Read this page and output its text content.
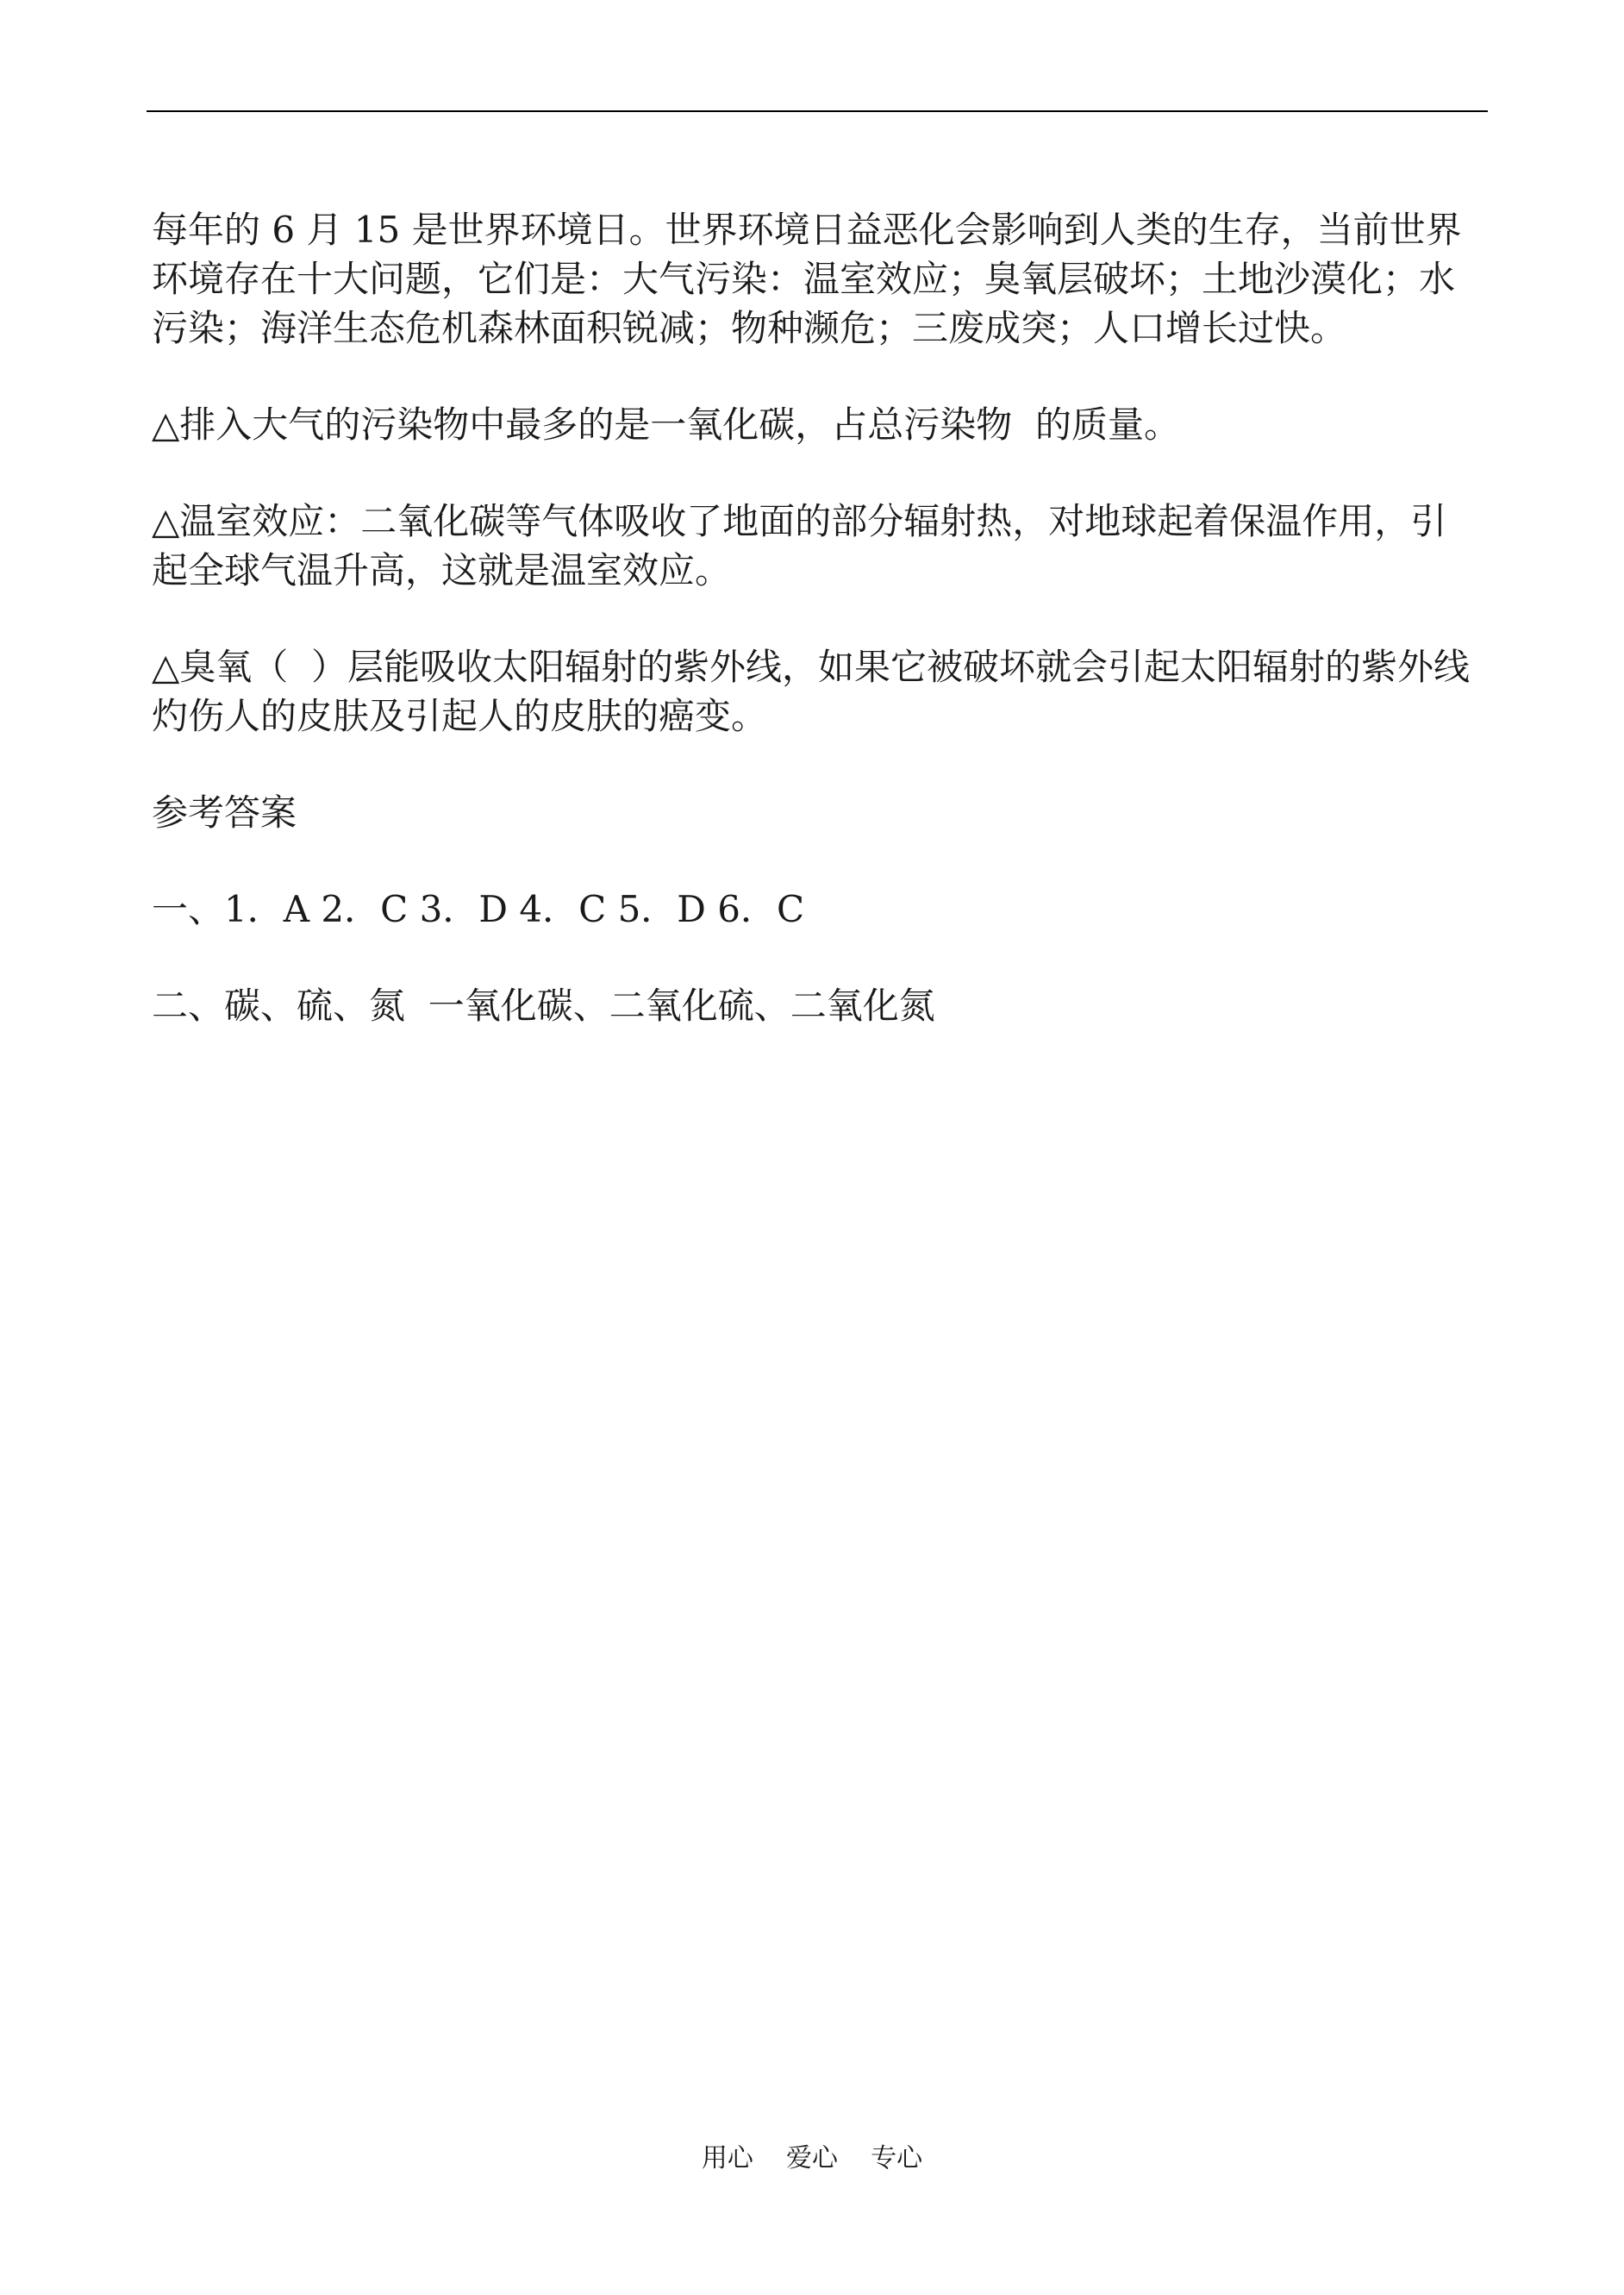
每年的 6 月 15 是世界环境日。世界环境日益恶化会影响到人类的生存，当前世界环境存在十大问题，它们是：大气污染：温室效应；臭氧层破坏；土地沙漠化；水污染；海洋生态危机森林面积锐减；物种濒危；三废成突；人口增长过快。

△排入大气的污染物中最多的是一氧化碳，占总污染物  的质量。

△温室效应：二氧化碳等气体吸收了地面的部分辐射热，对地球起着保温作用，引起全球气温升高，这就是温室效应。

△臭氧（  ）层能吸收太阳辐射的紫外线，如果它被破坏就会引起太阳辐射的紫外线灼伤人的皮肤及引起人的皮肤的癌变。

参考答案

一、1．A 2．C 3．D 4．C 5．D 6．C

二、碳、硫、氮  一氧化碳、二氧化硫、二氧化氮

用心    爱心    专心
